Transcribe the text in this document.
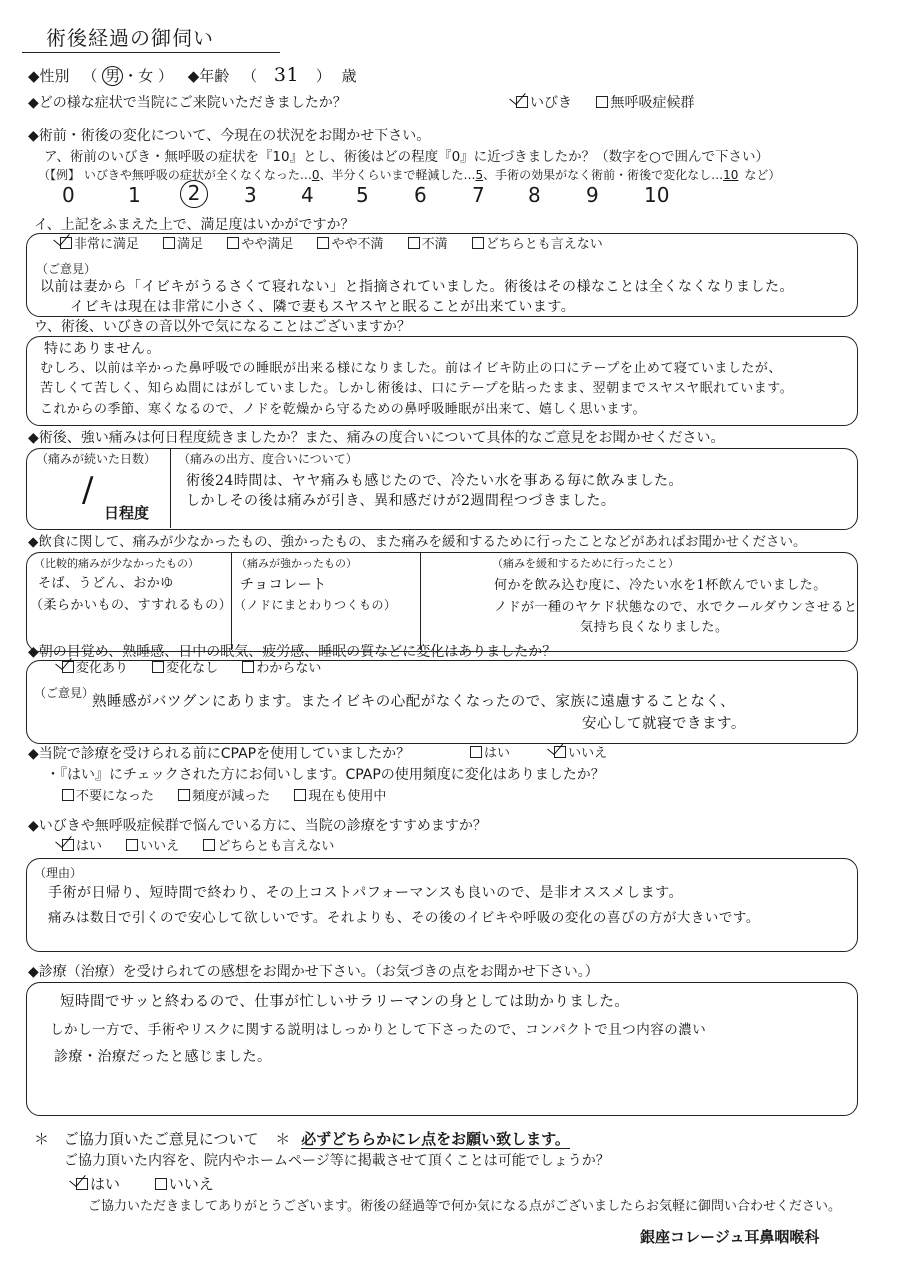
術後経過の御伺い
◆性別 （ 男 ・女 ） ◆年齢 （ 31 ） 歳
◆どの様な症状で当院にご来院いただきましたか？	いびき	無呼吸症候群
◆術前・術後の変化について、今現在の状況をお聞かせ下さい。
ア、術前のいびき・無呼吸の症状を『10』とし、術後はどの程度『0』に近づきましたか？（数字を○で囲んで下さい）
（【例】 いびきや無呼吸の症状が全くなくなった…0、半分くらいまで軽減した…5、手術の効果がなく術前・術後で変化なし…10 など）
0	1	2	3 4 5 6 7 8 9 10
イ、上記をふまえた上で、満足度はいかがですか？
非常に満足	満足	やや満足	やや不満	不満	どちらとも言えない
（ご意見）
以前は妻から「イビキがうるさくて寝れない」と指摘されていました。術後はその様なことは全くなくなりました。
イビキは現在は非常に小さく、隣で妻もスヤスヤと眠ることが出来ています。
ウ、術後、いびきの音以外で気になることはございますか？
特にありません。
むしろ、以前は辛かった鼻呼吸での睡眠が出来る様になりました。前はイビキ防止の口にテープを止めて寝ていましたが、
苦しくて苦しく、知らぬ間にはがしていました。しかし術後は、口にテープを貼ったまま、翌朝までスヤスヤ眠れています。
これからの季節、寒くなるので、ノドを乾燥から守るための鼻呼吸睡眠が出来て、嬉しく思います。
◆術後、強い痛みは何日程度続きましたか？また、痛みの度合いについて具体的なご意見をお聞かせください。
（痛みが続いた日数）
/
日程度
（痛みの出方、度合いについて）
術後24時間は、ヤヤ痛みも感じたので、冷たい水を事ある毎に飲みました。
しかしその後は痛みが引き、異和感だけが2週間程つづきました。
◆飲食に関して、痛みが少なかったもの、強かったもの、また痛みを緩和するために行ったことなどがあればお聞かせください。
（比較的痛みが少なかったもの）
そば、うどん、おかゆ
（柔らかいもの、すすれるもの）
（痛みが強かったもの）
チョコレート
（ノドにまとわりつくもの）
（痛みを緩和するために行ったこと）
何かを飲み込む度に、冷たい水を1杯飲んでいました。
ノドが一種のヤケド状態なので、水でクールダウンさせると
気持ち良くなりました。
◆朝の目覚め、熟睡感、日中の眠気、疲労感、睡眠の質などに変化はありましたか？
変化あり	変化なし	わからない
（ご意見）
熟睡感がバツグンにあります。またイビキの心配がなくなったので、家族に遠慮することなく、
安心して就寝できます。
◆当院で診療を受けられる前にCPAPを使用していましたか？	はい	いいえ
・『はい』にチェックされた方にお伺いします。CPAPの使用頻度に変化はありましたか？
不要になった	頻度が減った	現在も使用中
◆いびきや無呼吸症候群で悩んでいる方に、当院の診療をすすめますか？
はい	いいえ	どちらとも言えない
（理由）
手術が日帰り、短時間で終わり、その上コストパフォーマンスも良いので、是非オススメします。
痛みは数日で引くので安心して欲しいです。それよりも、その後のイビキや呼吸の変化の喜びの方が大きいです。
◆診療（治療）を受けられての感想をお聞かせ下さい。（お気づきの点をお聞かせ下さい。）
短時間でサッと終わるので、仕事が忙しいサラリーマンの身としては助かりました。
しかし一方で、手術やリスクに関する説明はしっかりとして下さったので、コンパクトで且つ内容の濃い
診療・治療だったと感じました。
＊ ご協力頂いたご意見について ＊ 必ずどちらかにレ点をお願い致します。
ご協力頂いた内容を、院内やホームページ等に掲載させて頂くことは可能でしょうか？
はい	いいえ
ご協力いただきましてありがとうございます。術後の経過等で何か気になる点がございましたらお気軽に御問い合わせください。
銀座コレージュ耳鼻咽喉科
